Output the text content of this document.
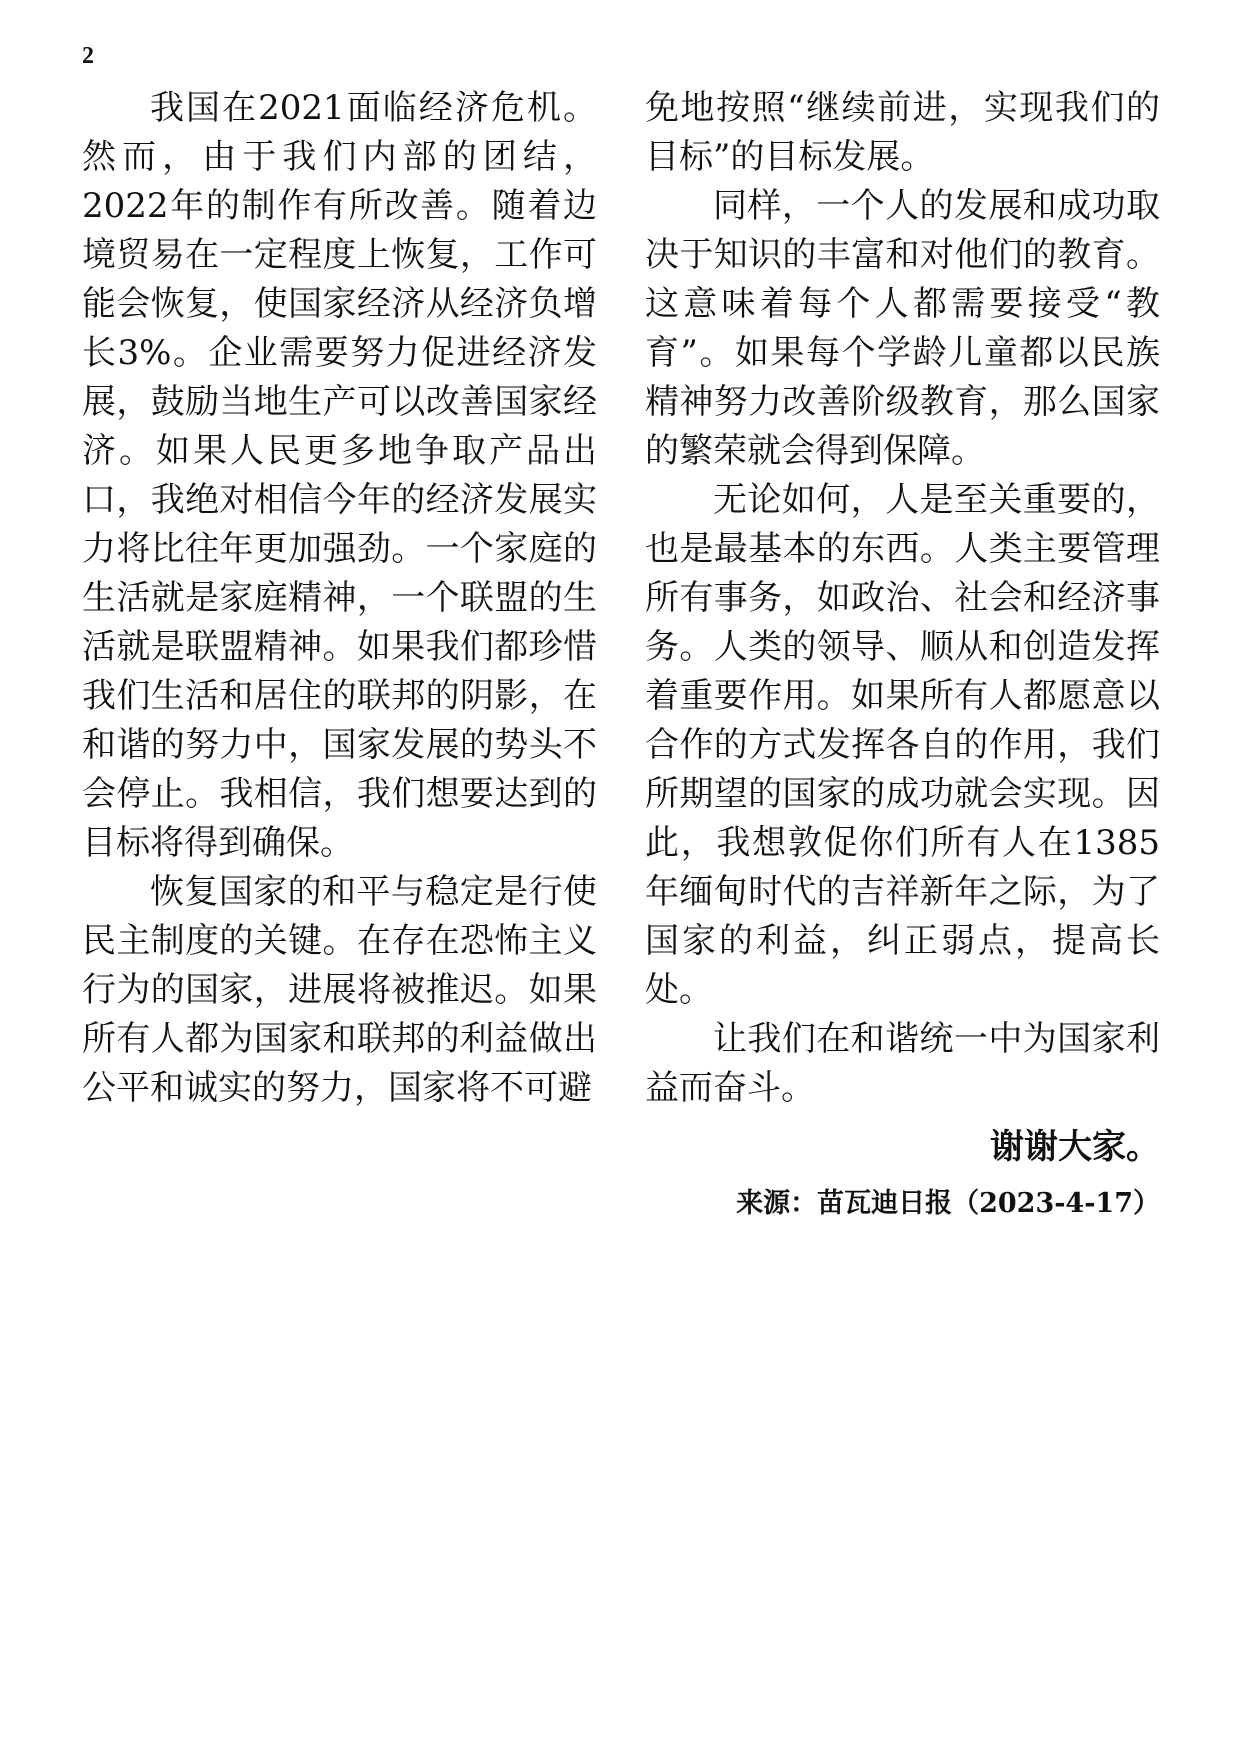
2

我国在2021面临经济危机。然而，由于我们内部的团结，2022年的制作有所改善。随着边境贸易在一定程度上恢复，工作可能会恢复，使国家经济从经济负增长3%。企业需要努力促进经济发展，鼓励当地生产可以改善国家经济。如果人民更多地争取产品出口，我绝对相信今年的经济发展实力将比往年更加强劲。一个家庭的生活就是家庭精神，一个联盟的生活就是联盟精神。如果我们都珍惜我们生活和居住的联邦的阴影，在和谐的努力中，国家发展的势头不会停止。我相信，我们想要达到的目标将得到确保。

恢复国家的和平与稳定是行使民主制度的关键。在存在恐怖主义行为的国家，进展将被推迟。如果所有人都为国家和联邦的利益做出公平和诚实的努力，国家将不可避

免地按照“继续前进，实现我们的目标”的目标发展。

同样，一个人的发展和成功取决于知识的丰富和对他们的教育。这意味着每个人都需要接受“教育”。如果每个学龄儿童都以民族精神努力改善阶级教育，那么国家的繁荣就会得到保障。

无论如何，人是至关重要的，也是最基本的东西。人类主要管理所有事务，如政治、社会和经济事务。人类的领导、顺从和创造发挥着重要作用。如果所有人都愿意以合作的方式发挥各自的作用，我们所期望的国家的成功就会实现。因此，我想敦促你们所有人在1385年缅甸时代的吉祥新年之际，为了国家的利益，纠正弱点，提高长处。

让我们在和谐统一中为国家利益而奋斗。

谢谢大家。
来源：苗瓦迪日报（2023-4-17）
